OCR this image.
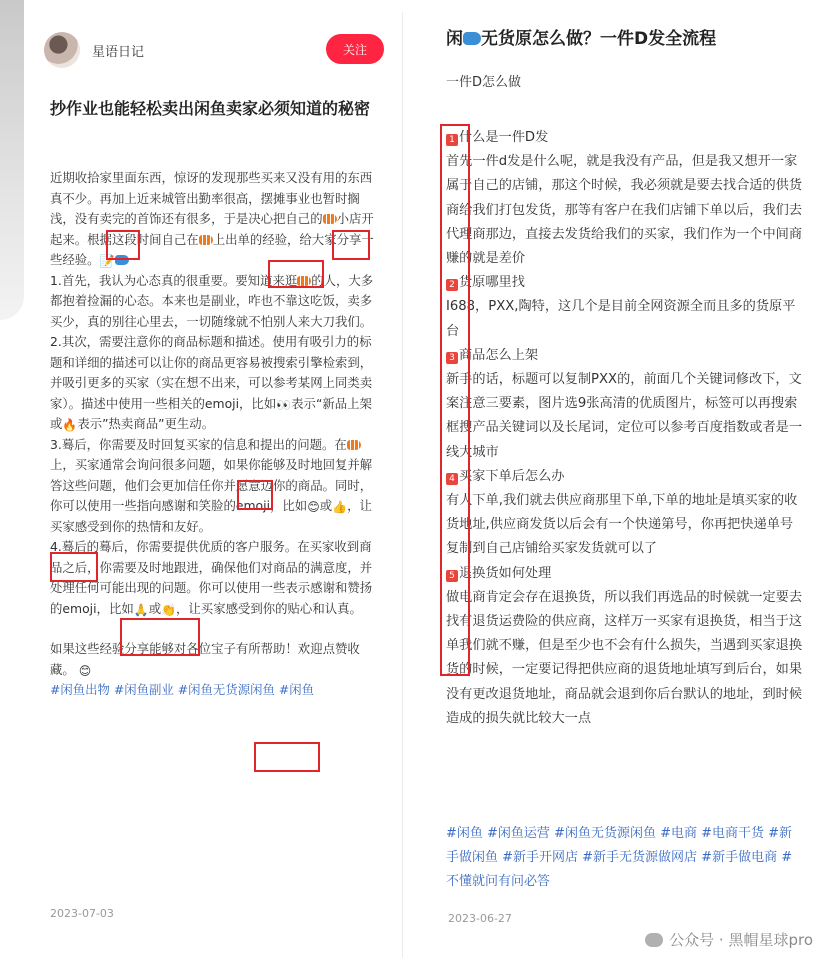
星语日记	关注
抄作业也能轻松卖出闲鱼卖家必须知道的秘密

近期收拾家里面东西，惊讶的发现那些买来又没有用的东西真不少。再加上近来城管出勤率很高，摆摊事业也暂时搁浅，没有卖完的首饰还有很多，于是决心把自己的 小店开起来。根据这段时间自己在 上出单的经验，给大家分享一些经验。📝

1.首先，我认为心态真的很重要。要知道来逛 的人，大多都抱着捡漏的心态。本来也是副业，咋也不靠这吃饭，卖多买少，真的别往心里去，一切随缘就不怕别人来大刀我们。

2.其次，需要注意你的商品标题和描述。使用有吸引力的标题和详细的描述可以让你的商品更容易被搜索引擎检索到，并吸引更多的买家（实在想不出来，可以参考某网上同类卖家）。描述中使用一些相关的emoji，比如👀表示“新品上架或🔥表示”热卖商品”更生动。

3.蓦后，你需要及时回复买家的信息和提出的问题。在上，买家通常会询问很多问题，如果你能够及时地回复并解答这些问题，他们会更加信任你并愿意迈你的商品。同时，你可以使用一些指向感谢和笑脸的emoji，比如😊或👍，让买家感受到你的热情和友好。

4.蓦后的蓦后，你需要提供优质的客户服务。在买家收到商品之后，你需要及时地跟进，确保他们对商品的满意度，并处理任何可能出现的问题。你可以使用一些表示感谢和赞扬的emoji，比如🙏或👏，让买家感受到你的贴心和认真。

如果这些经验分享能够对各位宝子有所帮助！欢迎点赞收藏。 😊

#闲鱼出物 #闲鱼副业 #闲鱼无货源闲鱼 #闲鱼

2023-07-03
闲 无货原怎么做？一件D发全流程
一件D怎么做

1 什么是一件D发

首先一件d发是什么呢，就是我没有产品，但是我又想开一家属于自己的店铺，那这个时候，我必须就是要去找合适的供货商给我们打包发货，那等有客户在我们店铺下单以后，我们去代理商那边，直接去发货给我们的买家，我们作为一个中间商赚的就是差价

2 货原哪里找

I688，PXX,陶特，这几个是目前全网资源全而且多的货原平台

3 商品怎么上架

新手的话，标题可以复制PXX的，前面几个关键词修改下，文案注意三要素，图片选9张高清的优质图片，标签可以再搜索框搜产品关键词以及长尾词，定位可以参考百度指数或者是一线大城市

4 买家下单后怎么办

有人下单,我们就去供应商那里下单,下单的地址是填买家的收货地址,供应商发货以后会有一个快递第号，你再把快递单号复制到自己店铺给买家发货就可以了

5 退换货如何处理

做电商肯定会存在退换货，所以我们再选品的时候就一定要去找有退货运费险的供应商，这样万一买家有退换货，相当于这单我们就不赚，但是至少也不会有什么损失，当遇到买家退换货的时候，一定要记得把供应商的退货地址填写到后台，如果没有更改退货地址，商品就会退到你后台默认的地址，到时候造成的损失就比较大一点

#闲鱼 #闲鱼运营 #闲鱼无货源闲鱼 #电商 #电商干货 #新手做闲鱼 #新手开网店 #新手无货源做网店 #新手做电商 #不懂就问有问必答
2023-06-27
公众号 · 黑帽星球pro
